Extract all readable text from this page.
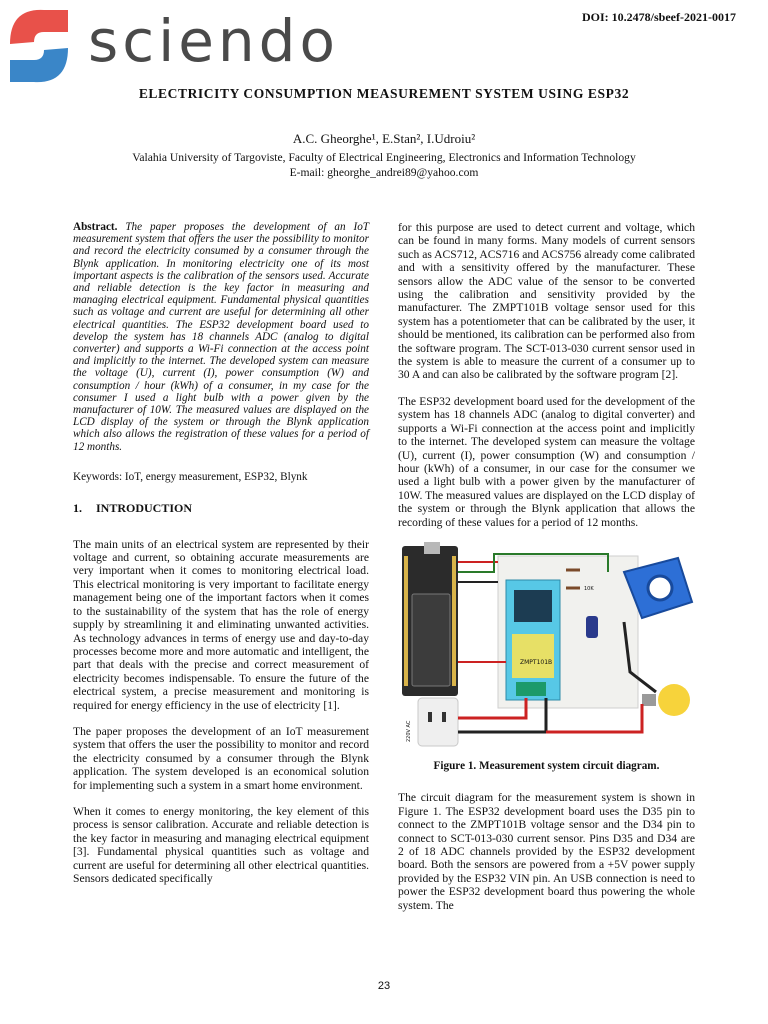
sciendo	DOI: 10.2478/sbeef-2021-0017
ELECTRICITY CONSUMPTION MEASUREMENT SYSTEM USING ESP32
A.C. Gheorghe¹, E.Stan², I.Udroiu²
Valahia University of Targoviste, Faculty of Electrical Engineering, Electronics and Information Technology
E-mail: gheorghe_andrei89@yahoo.com

Abstract. The paper proposes the development of an IoT measurement system that offers the user the possibility to monitor and record the electricity consumed by a consumer through the Blynk application. In monitoring electricity one of its most important aspects is the calibration of the sensors used. Accurate and reliable detection is the key factor in measuring and managing electrical equipment. Fundamental physical quantities such as voltage and current are useful for determining all other electrical quantities. The ESP32 development board used to develop the system has 18 channels ADC (analog to digital converter) and supports a Wi-Fi connection at the access point and implicitly to the internet. The developed system can measure the voltage (U), current (I), power consumption (W) and consumption / hour (kWh) of a consumer, in my case for the consumer I used a light bulb with a power given by the manufacturer of 10W. The measured values are displayed on the LCD display of the system or through the Blynk application which also allows the registration of these values for a period of 12 months.

Keywords: IoT, energy measurement, ESP32, Blynk
1. INTRODUCTION

The main units of an electrical system are represented by their voltage and current, so obtaining accurate measurements are very important when it comes to monitoring electrical load. This electrical monitoring is very important to facilitate energy management being one of the important factors when it comes to the sustainability of the system that has the role of energy supply by streamlining it and eliminating unwanted activities. As technology advances in terms of energy use and day-to-day processes become more and more automatic and intelligent, the part that deals with the precise and correct measurement of electricity becomes indispensable. To ensure the future of the electrical system, a precise measurement and monitoring is required for energy efficiency in the use of electricity [1].

The paper proposes the development of an IoT measurement system that offers the user the possibility to monitor and record the electricity consumed by a consumer through the Blynk application. The system developed is an economical solution for implementing such a system in a smart home environment.

When it comes to energy monitoring, the key element of this process is sensor calibration. Accurate and reliable detection is the key factor in measuring and managing electrical equipment [3]. Fundamental physical quantities such as voltage and current are useful for determining all other electrical quantities. Sensors dedicated specifically

for this purpose are used to detect current and voltage, which can be found in many forms. Many models of current sensors such as ACS712, ACS716 and ACS756 already come calibrated and with a sensitivity offered by the manufacturer. These sensors allow the ADC value of the sensor to be converted using the calibration and sensitivity provided by the manufacturer. The ZMPT101B voltage sensor used for this system has a potentiometer that can be calibrated by the user, it should be mentioned, its calibration can be performed also from the software program. The SCT-013-030 current sensor used in the system is able to measure the current of a consumer up to 30 A and can also be calibrated by the software program [2].

The ESP32 development board used for the development of the system has 18 channels ADC (analog to digital converter) and supports a Wi-Fi connection at the access point and implicitly to the internet. The developed system can measure the voltage (U), current (I), power consumption (W) and consumption / hour (kWh) of a consumer, in our case for the consumer we used a light bulb with a power given by the manufacturer of 10W. The measured values are displayed on the LCD display of the system or through the Blynk application that allows the recording of these values for a period of 12 months.

ZMPT101B
10K
220V AC
Figure 1. Measurement system circuit diagram.

The circuit diagram for the measurement system is shown in Figure 1. The ESP32 development board uses the D35 pin to connect to the ZMPT101B voltage sensor and the D34 pin to connect to SCT-013-030 current sensor. Pins D35 and D34 are 2 of 18 ADC channels provided by the ESP32 development board. Both the sensors are powered from a +5V power supply provided by the ESP32 VIN pin. An USB connection is need to power the ESP32 development board thus powering the whole system. The

23
